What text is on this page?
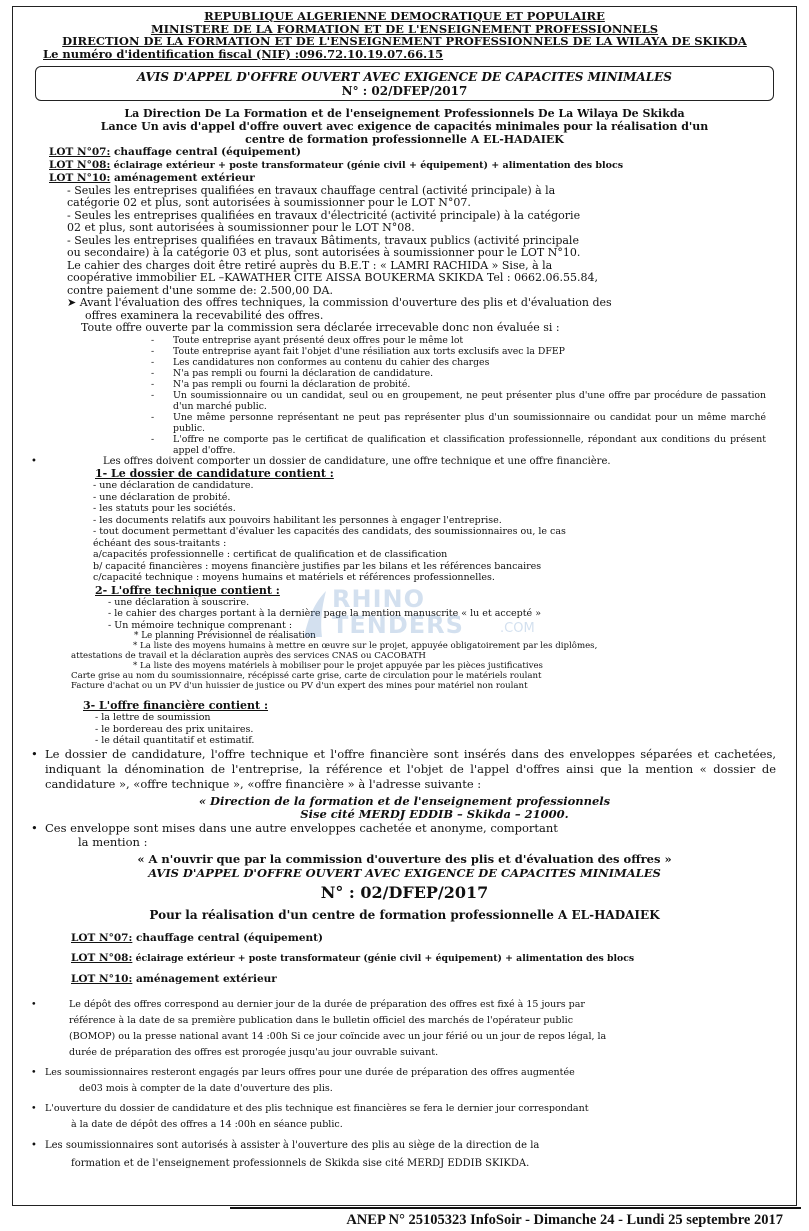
REPUBLIQUE ALGERIENNE DEMOCRATIQUE ET POPULAIRE
MINISTERE DE LA FORMATION ET DE L'ENSEIGNEMENT PROFESSIONNELS
DIRECTION DE LA FORMATION ET DE L'ENSEIGNEMENT PROFESSIONNELS DE LA WILAYA DE SKIKDA
Le numéro d'identification fiscal (NIF) :096.72.10.19.07.66.15
AVIS D'APPEL D'OFFRE OUVERT AVEC EXIGENCE DE CAPACITES MINIMALES
N° : 02/DFEP/2017
La Direction De La Formation et de l'enseignement Professionnels De La Wilaya De Skikda
Lance Un avis d'appel d'offre ouvert avec exigence de capacités minimales pour la réalisation d'un
centre de formation professionnelle A EL-HADAIEK
LOT N°07: chauffage central (équipement)
LOT N°08: éclairage extérieur + poste transformateur (génie civil + équipement) + alimentation des blocs
LOT N°10: aménagement extérieur
- Seules les entreprises qualifiées en travaux chauffage central (activité principale) à la
catégorie 02 et plus, sont autorisées à soumissionner pour le LOT N°07.
- Seules les entreprises qualifiées en travaux d'électricité (activité principale) à la catégorie
02 et plus, sont autorisées à soumissionner pour le LOT N°08.
- Seules les entreprises qualifiées en travaux Bâtiments, travaux publics (activité principale
ou secondaire) à la catégorie 03 et plus, sont autorisées à soumissionner pour le LOT N°10.
Le cahier des charges doit être retiré auprès du B.E.T : « LAMRI RACHIDA » Sise, à la
coopérative immobilier EL –KAWATHER CITE AISSA BOUKERMA SKIKDA Tel : 0662.06.55.84,
contre paiement d'une somme de: 2.500,00 DA.
➤ Avant l'évaluation des offres techniques, la commission d'ouverture des plis et d'évaluation des
offres examinera la recevabilité des offres.
Toute offre ouverte par la commission sera déclarée irrecevable donc non évaluée si :
- Toute entreprise ayant présenté deux offres pour le même lot
- Toute entreprise ayant fait l'objet d'une résiliation aux torts exclusifs avec la DFEP
- Les candidatures non conformes au contenu du cahier des charges
- N'a pas rempli ou fourni la déclaration de candidature.
- N'a pas rempli ou fourni la déclaration de probité.
- Un soumissionnaire ou un candidat, seul ou en groupement, ne peut présenter plus d'une offre par procédure de passation d'un marché public.
- Une même personne représentant ne peut pas représenter plus d'un soumissionnaire ou candidat pour un même marché public.
- L'offre ne comporte pas le certificat de qualification et classification professionnelle, répondant aux conditions du présent appel d'offre.
• Les offres doivent comporter un dossier de candidature, une offre technique et une offre financière.
1- Le dossier de candidature contient :
- une déclaration de candidature.
- une déclaration de probité.
- les statuts pour les sociétés.
- les documents relatifs aux pouvoirs habilitant les personnes à engager l'entreprise.
- tout document permettant d'évaluer les capacités des candidats, des soumissionnaires ou, le cas
échéant des sous-traitants :
a/capacités professionnelle : certificat de qualification et de classification
b/ capacité financières : moyens financière justifies par les bilans et les références bancaires
c/capacité technique : moyens humains et matériels et références professionnelles.
2- L'offre technique contient :
- une déclaration à souscrire.
- le cahier des charges portant à la dernière page la mention manuscrite « lu et accepté »
- Un mémoire technique comprenant :
* Le planning Prévisionnel de réalisation
* La liste des moyens humains à mettre en œuvre sur le projet, appuyée obligatoirement par les diplômes,
attestations de travail et la déclaration auprès des services CNAS ou CACOBATH
* La liste des moyens matériels à mobiliser pour le projet appuyée par les pièces justificatives
Carte grise au nom du soumissionnaire, récépissé carte grise, carte de circulation pour le matériels roulant
Facture d'achat ou un PV d'un huissier de justice ou PV d'un expert des mines pour matériel non roulant
3- L'offre financière contient :
- la lettre de soumission
- le bordereau des prix unitaires.
- le détail quantitatif et estimatif.
• Le dossier de candidature, l'offre technique et l'offre financière sont insérés dans des enveloppes séparées et cachetées, indiquant la dénomination de l'entreprise, la référence et l'objet de l'appel d'offres ainsi que la mention « dossier de candidature », «offre technique », «offre financière » à l'adresse suivante :
« Direction de la formation et de l'enseignement professionnels
Sise cité MERDJ EDDIB – Skikda – 21000.
• Ces enveloppe sont mises dans une autre enveloppes cachetée et anonyme, comportant
la mention :
« A n'ouvrir que par la commission d'ouverture des plis et d'évaluation des offres »
AVIS D'APPEL D'OFFRE OUVERT AVEC EXIGENCE DE CAPACITES MINIMALES
N° : 02/DFEP/2017
Pour la réalisation d'un centre de formation professionnelle A EL-HADAIEK
LOT N°07: chauffage central (équipement)
LOT N°08: éclairage extérieur + poste transformateur (génie civil + équipement) + alimentation des blocs
LOT N°10: aménagement extérieur
• Le dépôt des offres correspond au dernier jour de la durée de préparation des offres est fixé à 15 jours par
référence à la date de sa première publication dans le bulletin officiel des marchés de l'opérateur public
(BOMOP) ou la presse national avant 14 :00h Si ce jour coïncide avec un jour férié ou un jour de repos légal, la
durée de préparation des offres est prorogée jusqu'au jour ouvrable suivant.
• Les soumissionnaires resteront engagés par leurs offres pour une durée de préparation des offres augmentée
de03 mois à compter de la date d'ouverture des plis.
• L'ouverture du dossier de candidature et des plis technique est financières se fera le dernier jour correspondant
à la date de dépôt des offres a 14 :00h en séance public.
• Les soumissionnaires sont autorisés à assister à l'ouverture des plis au siège de la direction de la
formation et de l'enseignement professionnels de Skikda sise cité MERDJ EDDIB SKIKDA.
RHINO
TENDERS	.COM
ANEP N° 25105323 InfoSoir - Dimanche 24 - Lundi 25 septembre 2017
